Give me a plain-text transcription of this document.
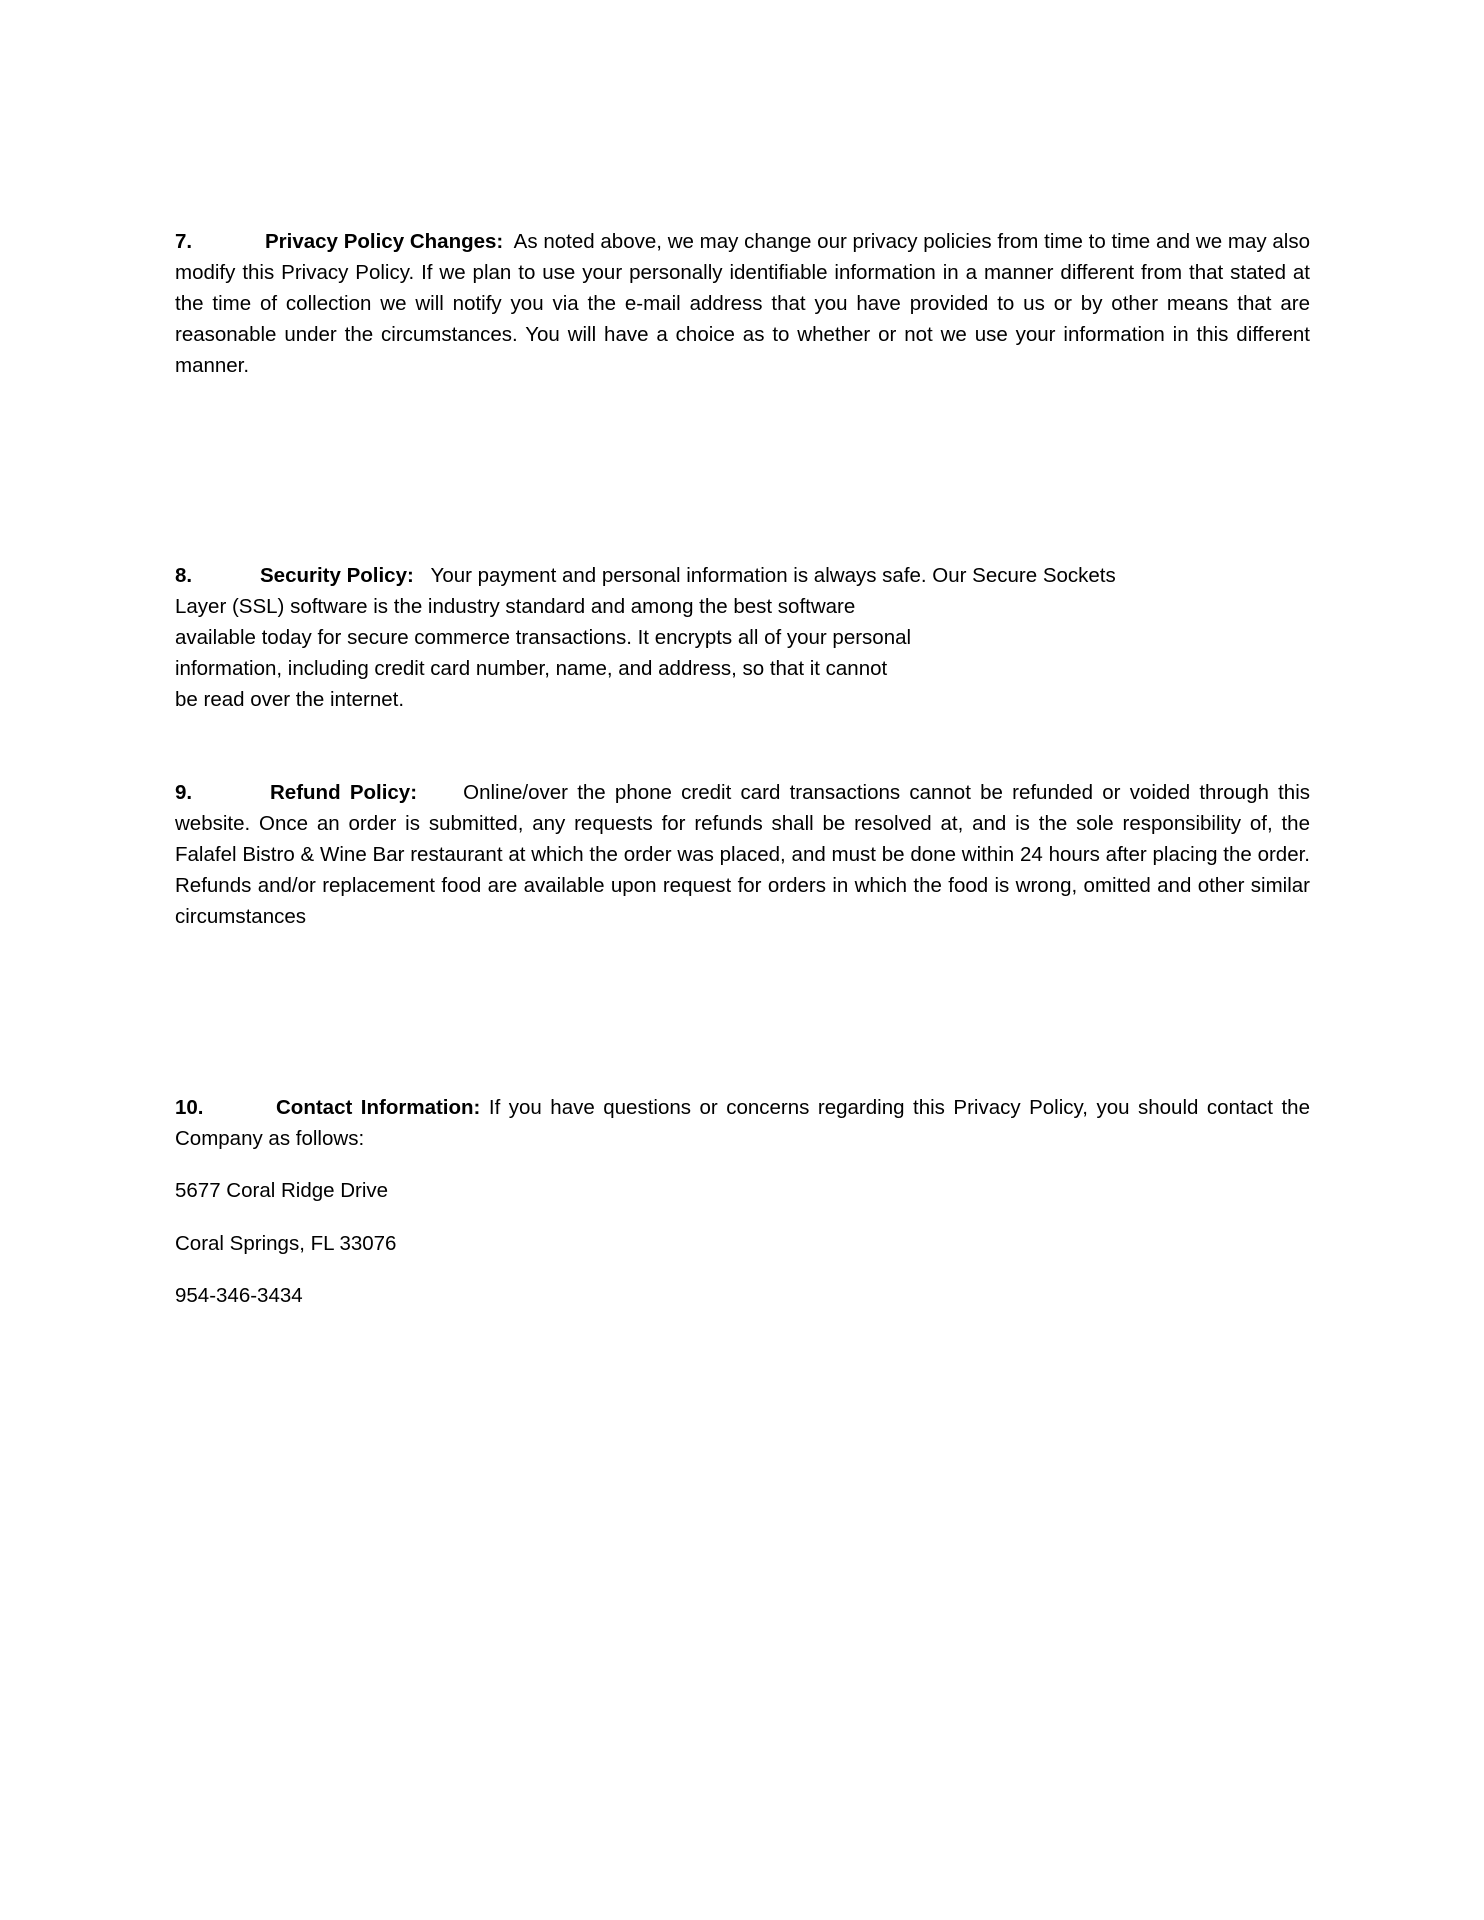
7.	Privacy Policy Changes: As noted above, we may change our privacy policies from time to time and we may also modify this Privacy Policy. If we plan to use your personally identifiable information in a manner different from that stated at the time of collection we will notify you via the e-mail address that you have provided to us or by other means that are reasonable under the circumstances. You will have a choice as to whether or not we use your information in this different manner.
8.	Security Policy: Your payment and personal information is always safe. Our Secure Sockets
Layer (SSL) software is the industry standard and among the best software
available today for secure commerce transactions. It encrypts all of your personal
information, including credit card number, name, and address, so that it cannot
be read over the internet.
9.	Refund Policy: Online/over the phone credit card transactions cannot be refunded or voided through this website. Once an order is submitted, any requests for refunds shall be resolved at, and is the sole responsibility of, the Falafel Bistro & Wine Bar restaurant at which the order was placed, and must be done within 24 hours after placing the order. Refunds and/or replacement food are available upon request for orders in which the food is wrong, omitted and other similar circumstances
10.	Contact Information: If you have questions or concerns regarding this Privacy Policy, you should contact the Company as follows:
5677 Coral Ridge Drive
Coral Springs, FL 33076
954-346-3434
